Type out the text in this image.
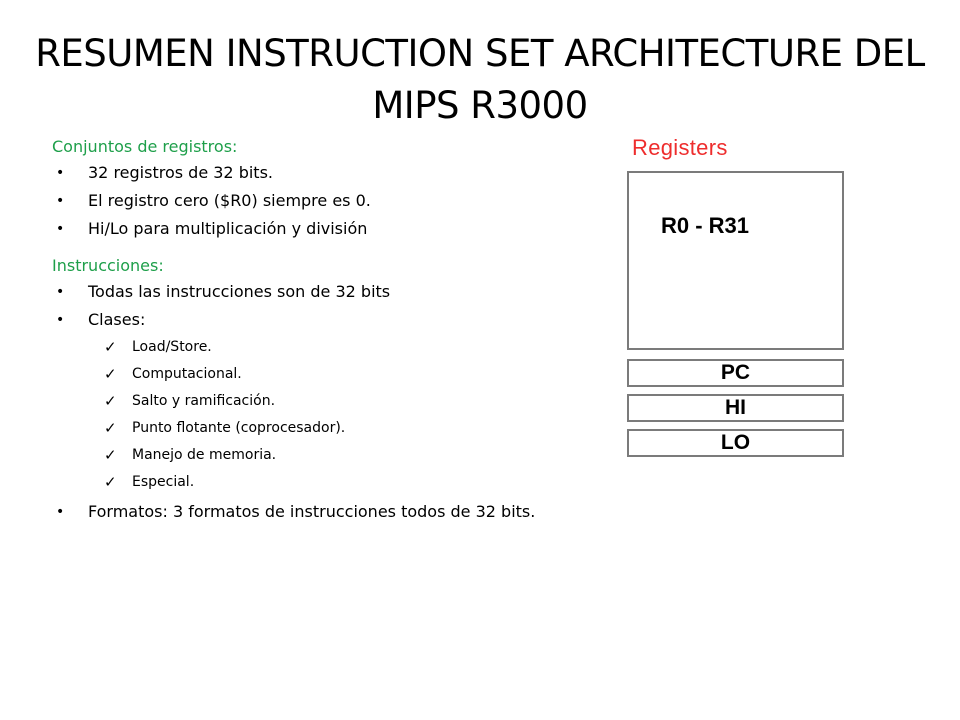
RESUMEN INSTRUCTION SET ARCHITECTURE DEL MIPS R3000
Conjuntos de registros:
• 32 registros de 32 bits.
• El registro cero ($R0) siempre es 0.
• Hi/Lo para multiplicación y división
Instrucciones:
• Todas las instrucciones son de 32 bits
• Clases:
✓ Load/Store.
✓ Computacional.
✓ Salto y ramificación.
✓ Punto flotante (coprocesador).
✓ Manejo de memoria.
✓ Especial.
• Formatos: 3 formatos de instrucciones todos de 32 bits.
Registers
R0 - R31
PC
HI
LO
